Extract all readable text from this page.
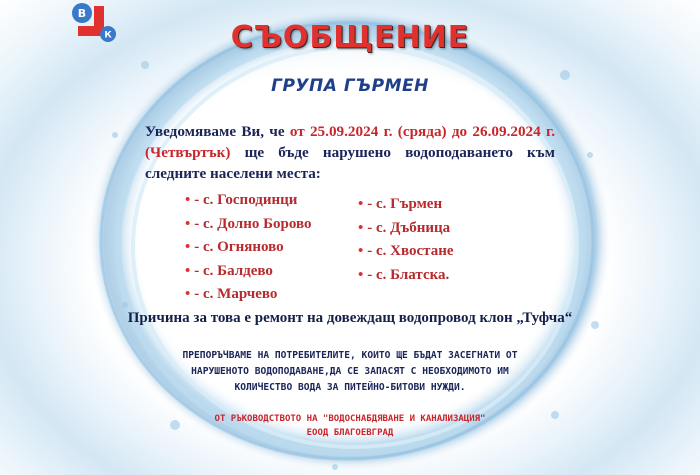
В
К	СЪОБЩЕНИЕ
ГРУПА ГЪРМЕН
Уведомяваме Ви, че от 25.09.2024 г. (сряда) до 26.09.2024 г. (Четвъртък) ще бъде нарушено водоподаването към следните населени места:
• - с. Господинци
• - с. Долно Борово
• - с. Огняново
• - с. Балдево
• - с. Марчево
• - с. Гърмен
• - с. Дъбница
• - с. Хвостане
• - с. Блатска.
Причина за това е ремонт на довеждащ водопровод клон „Туфча“
ПРЕПОРЪЧВАМЕ НА ПОТРЕБИТЕЛИТЕ, КОИТО ЩЕ БЪДАТ ЗАСЕГНАТИ ОТ
НАРУШЕНОТО ВОДОПОДАВАНЕ,ДА СЕ ЗАПАСЯТ С НЕОБХОДИМОТО ИМ
КОЛИЧЕСТВО ВОДА ЗА ПИТЕЙНО-БИТОВИ НУЖДИ.
ОТ РЪКОВОДСТВОТО НА "ВОДОСНАБДЯВАНЕ И КАНАЛИЗАЦИЯ"
ЕООД БЛАГОЕВГРАД
